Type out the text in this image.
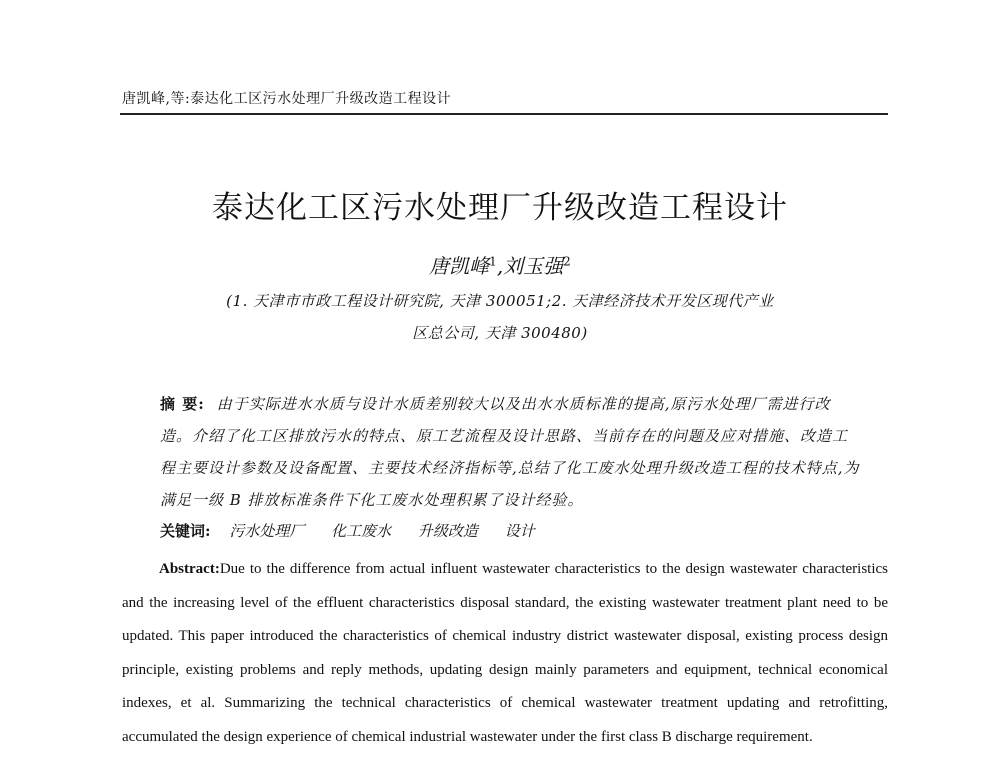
唐凯峰,等:泰达化工区污水处理厂升级改造工程设计
泰达化工区污水处理厂升级改造工程设计
唐凯峰$^1$,刘玉强$^2$
(1. 天津市市政工程设计研究院, 天津 300051;2. 天津经济技术开发区现代产业
区总公司, 天津 300480)
摘 要: 由于实际进水水质与设计水质差别较大以及出水水质标准的提高,原污水处理厂需进行改造。介绍了化工区排放污水的特点、原工艺流程及设计思路、当前存在的问题及应对措施、改造工程主要设计参数及设备配置、主要技术经济指标等,总结了化工废水处理升级改造工程的技术特点,为满足一级 B 排放标准条件下化工废水处理积累了设计经验。
关键词: 污水处理厂 化工废水 升级改造 设计
Abstract:Due to the difference from actual influent wastewater characteristics to the design wastewater characteristics and the increasing level of the effluent characteristics disposal standard, the existing wastewater treatment plant need to be updated. This paper introduced the characteristics of chemical industry district wastewater disposal, existing process design principle, existing problems and reply methods, updating design mainly parameters and equipment, technical economical indexes, et al. Summarizing the technical characteristics of chemical wastewater treatment updating and retrofitting, accumulated the design experience of chemical industrial wastewater under the first class B discharge requirement.
